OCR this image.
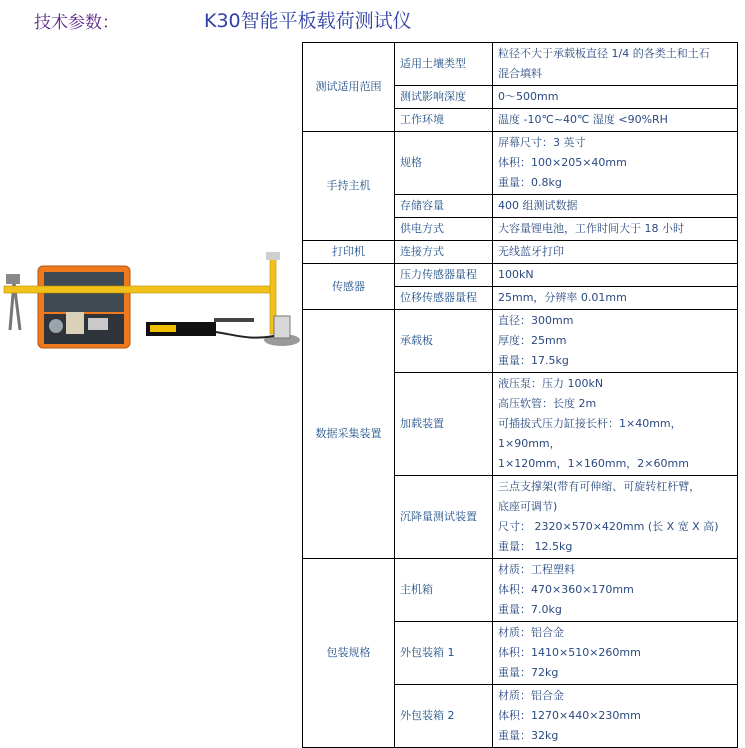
技术参数：	K30智能平板载荷测试仪
测试适用范围	适用土壤类型	粒径不大于承载板直径 1/4 的各类土和土石
混合填料

	测试影响深度	0～500mm

	工作环境	温度 -10℃~40℃ 湿度 <90%RH

手持主机	规格	屏幕尺寸：3 英寸
体积：100×205×40mm
重量：0.8kg

	存储容量	400 组测试数据

	供电方式	大容量锂电池，工作时间大于 18 小时

打印机	连接方式	无线蓝牙打印

传感器	压力传感器量程	100kN

	位移传感器量程	25mm，分辨率 0.01mm

数据采集装置	承载板	直径：300mm
厚度：25mm
重量：17.5kg

	加载装置	液压泵：压力 100kN
高压软管：长度 2m
可插拔式压力缸接长杆：1×40mm，1×90mm，
1×120mm，1×160mm，2×60mm

	沉降量测试装置	三点支撑架(带有可伸缩、可旋转杠杆臂，
底座可调节)
尺寸： 2320×570×420mm (长 X 宽 X 高)
重量： 12.5kg

包装规格	主机箱	材质：工程塑料
体积：470×360×170mm
重量：7.0kg

	外包装箱 1	材质：铝合金
体积：1410×510×260mm
重量：72kg

	外包装箱 2	材质：铝合金
体积：1270×440×230mm
重量：32kg
